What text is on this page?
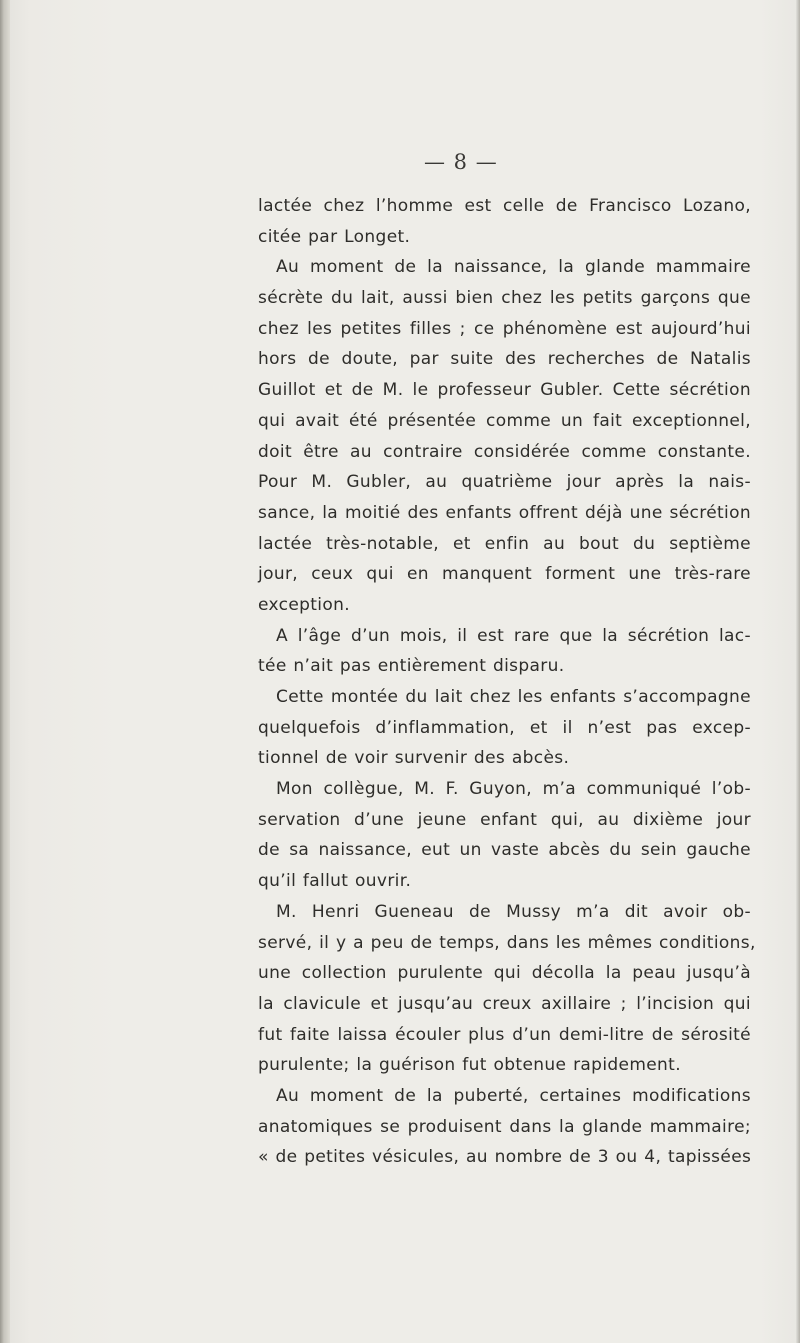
— 8 —
lactée chez l’homme est celle de Francisco Lozano,
citée par Longet.
Au moment de la naissance, la glande mammaire
sécrète du lait, aussi bien chez les petits garçons que
chez les petites filles ; ce phénomène est aujourd’hui
hors de doute, par suite des recherches de Natalis
Guillot et de M. le professeur Gubler. Cette sécrétion
qui avait été présentée comme un fait exceptionnel,
doit être au contraire considérée comme constante.
Pour M. Gubler, au quatrième jour après la nais-
sance, la moitié des enfants offrent déjà une sécrétion
lactée très-notable, et enfin au bout du septième
jour, ceux qui en manquent forment une très-rare
exception.
A l’âge d’un mois, il est rare que la sécrétion lac-
tée n’ait pas entièrement disparu.
Cette montée du lait chez les enfants s’accompagne
quelquefois d’inflammation, et il n’est pas excep-
tionnel de voir survenir des abcès.
Mon collègue, M. F. Guyon, m’a communiqué l’ob-
servation d’une jeune enfant qui, au dixième jour
de sa naissance, eut un vaste abcès du sein gauche
qu’il fallut ouvrir.
M. Henri Gueneau de Mussy m’a dit avoir ob-
servé, il y a peu de temps, dans les mêmes conditions,
une collection purulente qui décolla la peau jusqu’à
la clavicule et jusqu’au creux axillaire ; l’incision qui
fut faite laissa écouler plus d’un demi-litre de sérosité
purulente; la guérison fut obtenue rapidement.
Au moment de la puberté, certaines modifications
anatomiques se produisent dans la glande mammaire;
« de petites vésicules, au nombre de 3 ou 4, tapissées
